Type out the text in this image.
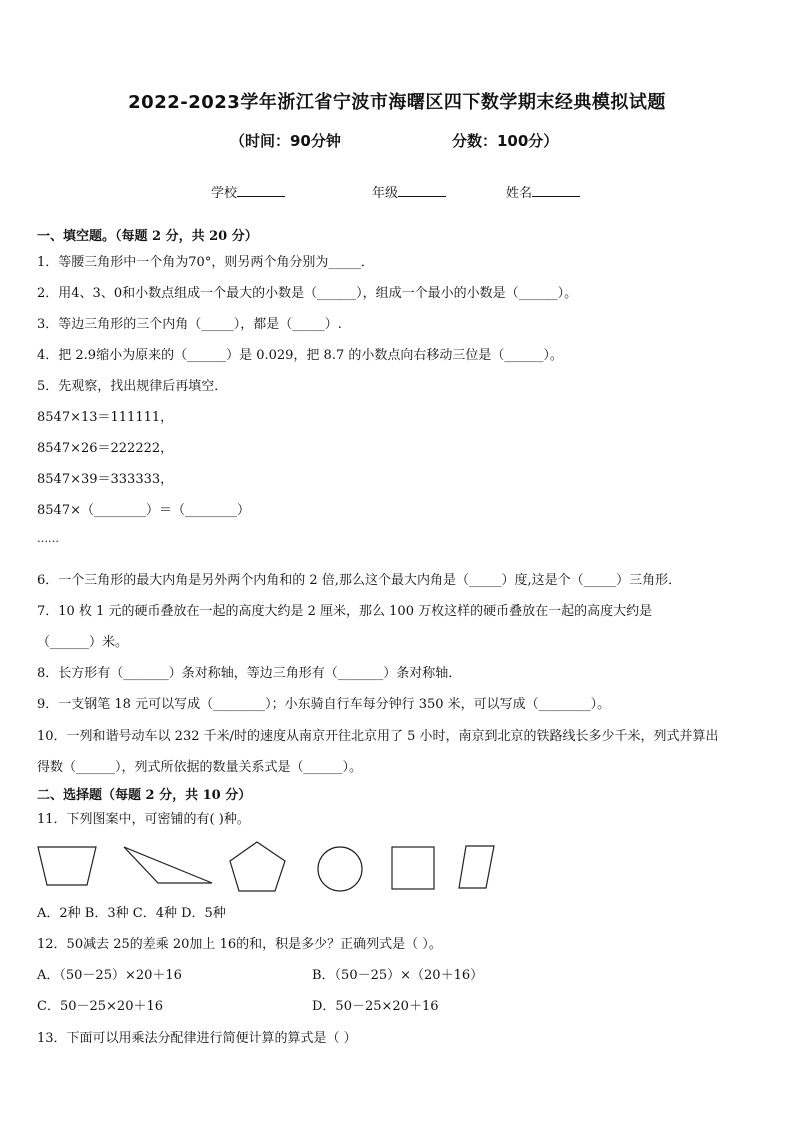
2022-2023学年浙江省宁波市海曙区四下数学期末经典模拟试题
（时间：90分钟	分数：100分）
学校	年级	姓名
一、填空题。（每题 2 分，共 20 分）
1．等腰三角形中一个角为70°，则另两个角分别为_____．
2．用4、3、0和小数点组成一个最大的小数是（______），组成一个最小的小数是（______）。
3．等边三角形的三个内角（_____），都是（_____）.
4．把 2.9缩小为原来的（______）是 0.029，把 8.7 的小数点向右移动三位是（______）。
5．先观察，找出规律后再填空．
8547×13＝111111，
8547×26＝222222，
8547×39＝333333，
8547×（________）＝（________）
……
6．一个三角形的最大内角是另外两个内角和的 2 倍,那么这个最大内角是（_____）度,这是个（_____）三角形．
7．10 枚 1 元的硬币叠放在一起的高度大约是 2 厘米，那么 100 万枚这样的硬币叠放在一起的高度大约是
（______）米。
8．长方形有（_______）条对称轴，等边三角形有（_______）条对称轴．
9．一支钢笔 18 元可以写成（________）；小东骑自行车每分钟行 350 米，可以写成（________）。
10．一列和谐号动车以 232 千米/时的速度从南京开往北京用了 5 小时，南京到北京的铁路线长多少千米，列式并算出
得数（______），列式所依据的数量关系式是（______）。
二、选择题（每题 2 分，共 10 分）
11．下列图案中，可密铺的有( )种。
A．2种 B．3种 C．4种 D．5种
12．50减去 25的差乘 20加上 16的和，积是多少？正确列式是（ ）。
A．（50－25）×20＋16	B．（50－25）×（20＋16）
C．50－25×20＋16	D．50－25×20＋16
13．下面可以用乘法分配律进行简便计算的算式是（ ）
